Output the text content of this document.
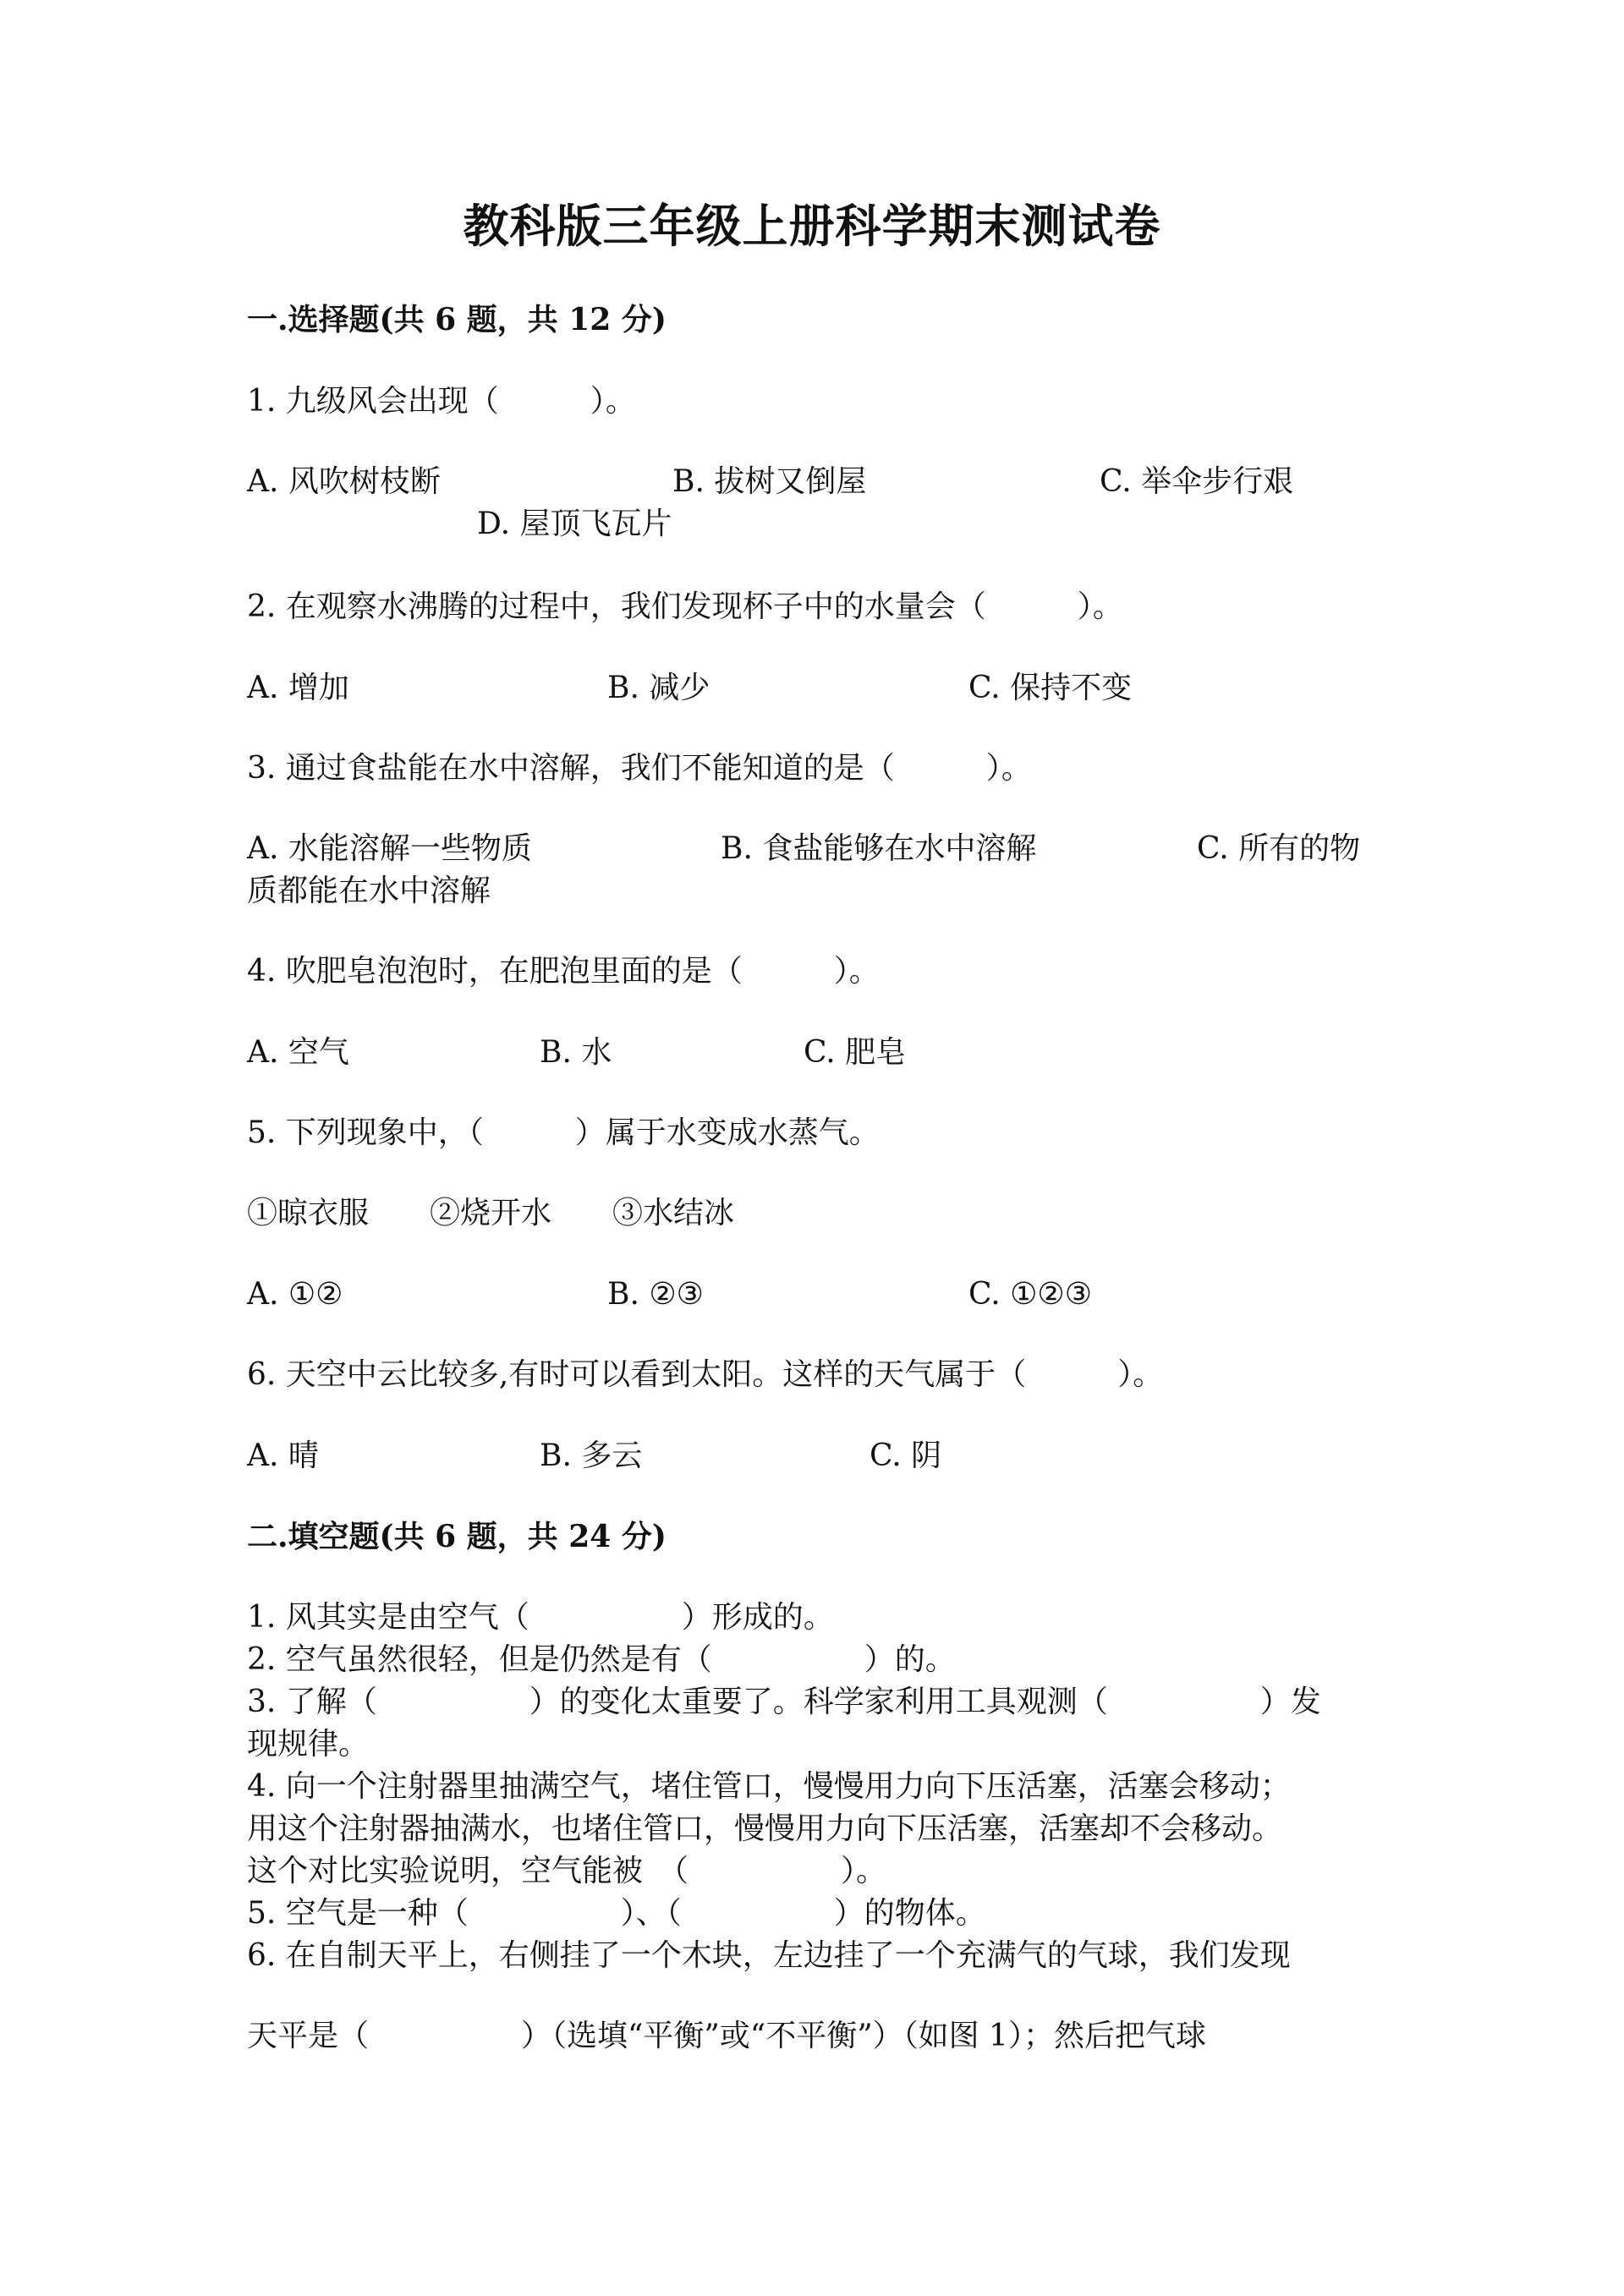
教科版三年级上册科学期末测试卷
一.选择题(共 6 题，共 12 分)
1. 九级风会出现（　　　）。
A. 风吹树枝断	B. 拔树又倒屋	C. 举伞步行艰
D. 屋顶飞瓦片
2. 在观察水沸腾的过程中，我们发现杯子中的水量会（　　　）。
A. 增加	B. 减少	C. 保持不变
3. 通过食盐能在水中溶解，我们不能知道的是（　　　）。
A. 水能溶解一些物质	B. 食盐能够在水中溶解	C. 所有的物
质都能在水中溶解
4. 吹肥皂泡泡时，在肥泡里面的是（　　　）。
A. 空气	B. 水	C. 肥皂
5. 下列现象中，（　　　）属于水变成水蒸气。
①晾衣服　　②烧开水　　③水结冰
A. ①②	B. ②③	C. ①②③
6. 天空中云比较多,有时可以看到太阳。这样的天气属于（　　　）。
A. 晴	B. 多云	C. 阴
二.填空题(共 6 题，共 24 分)
1. 风其实是由空气（　　　　　）形成的。
2. 空气虽然很轻，但是仍然是有（　　　　　）的。
3. 了解（　　　　　）的变化太重要了。科学家利用工具观测（　　　　　）发
现规律。
4. 向一个注射器里抽满空气，堵住管口，慢慢用力向下压活塞，活塞会移动；
用这个注射器抽满水，也堵住管口，慢慢用力向下压活塞，活塞却不会移动。
这个对比实验说明，空气能被　（　　　　　）。
5. 空气是一种（　　　　　）、（　　　　　）的物体。
6. 在自制天平上，右侧挂了一个木块，左边挂了一个充满气的气球，我们发现
天平是（　　　　　）（选填“平衡”或“不平衡”）（如图 1）；然后把气球
